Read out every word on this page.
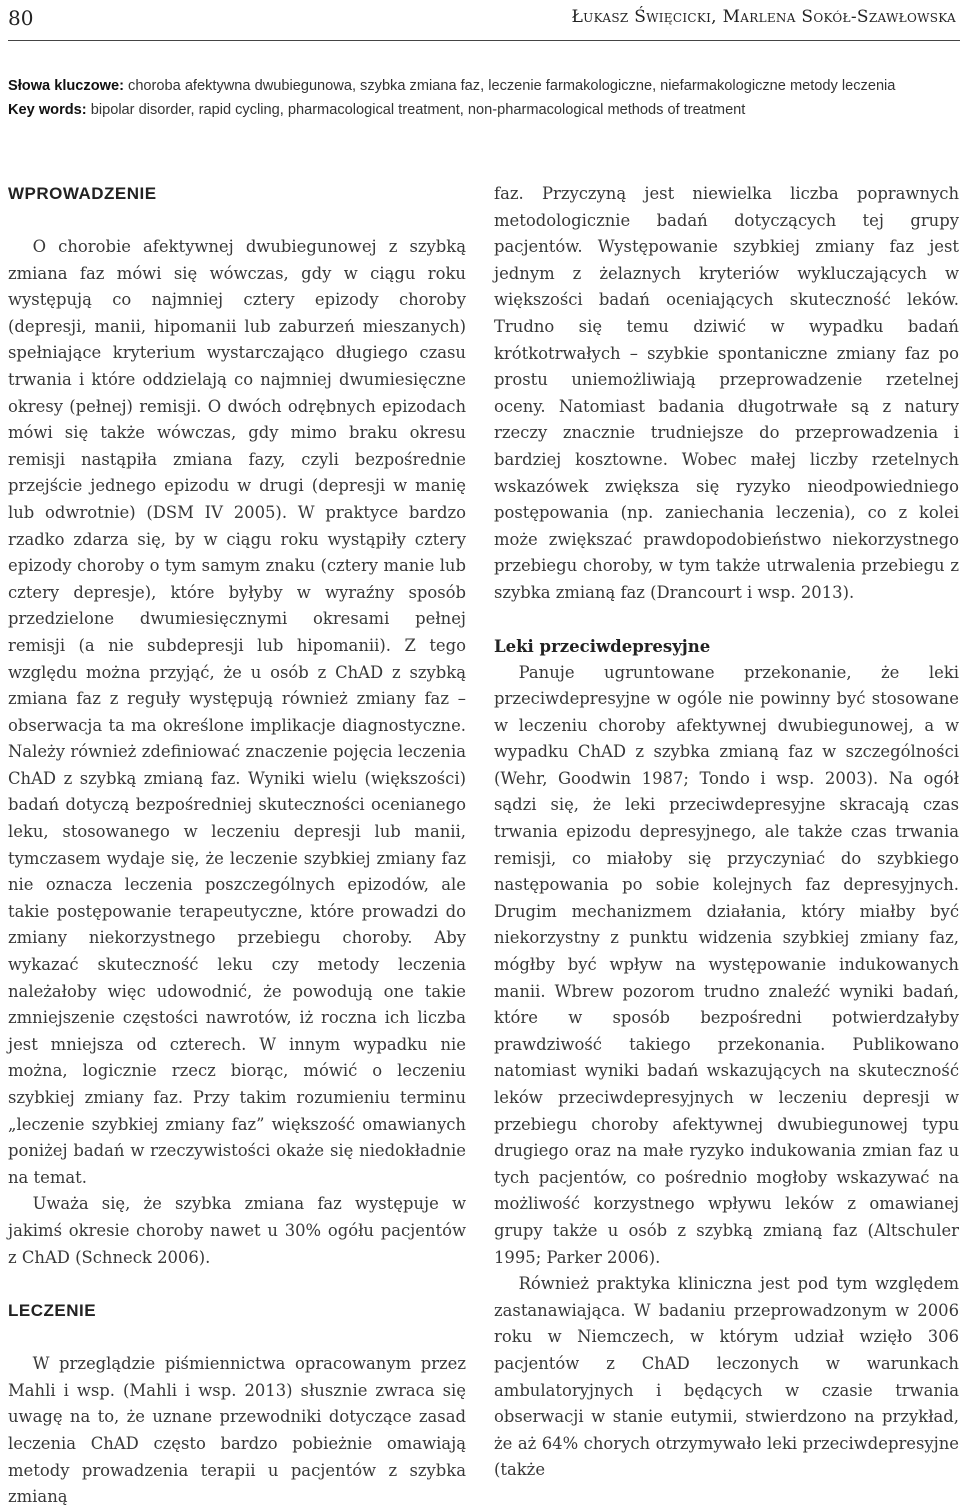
80	Łukasz Święcicki, Marlena Sokół-Szawłowska
Słowa kluczowe: choroba afektywna dwubiegunowa, szybka zmiana faz, leczenie farmakologiczne, niefarmakologiczne metody leczenia
Key words: bipolar disorder, rapid cycling, pharmacological treatment, non-pharmacological methods of treatment
WPROWADZENIE

O chorobie afektywnej dwubiegunowej z szybką zmiana faz mówi się wówczas, gdy w ciągu roku występują co najmniej cztery epizody choroby (depresji, manii, hipomanii lub zaburzeń mieszanych) spełniające kryterium wystarczająco długiego czasu trwania i które oddzielają co najmniej dwumiesięczne okresy (pełnej) remisji. O dwóch odrębnych epizodach mówi się także wówczas, gdy mimo braku okresu remisji nastąpiła zmiana fazy, czyli bezpośrednie przejście jednego epizodu w drugi (depresji w manię lub odwrotnie) (DSM IV 2005). W praktyce bardzo rzadko zdarza się, by w ciągu roku wystąpiły cztery epizody choroby o tym samym znaku (cztery manie lub cztery depresje), które byłyby w wyraźny sposób przedzielone dwumiesięcznymi okresami pełnej remisji (a nie subdepresji lub hipomanii). Z tego względu można przyjąć, że u osób z ChAD z szybką zmiana faz z reguły występują również zmiany faz – obserwacja ta ma określone implikacje diagnostyczne. Należy również zdefiniować znaczenie pojęcia leczenia ChAD z szybką zmianą faz. Wyniki wielu (większości) badań dotyczą bezpośredniej skuteczności ocenianego leku, stosowanego w leczeniu depresji lub manii, tymczasem wydaje się, że leczenie szybkiej zmiany faz nie oznacza leczenia poszczególnych epizodów, ale takie postępowanie terapeutyczne, które prowadzi do zmiany niekorzystnego przebiegu choroby. Aby wykazać skuteczność leku czy metody leczenia należałoby więc udowodnić, że powodują one takie zmniejszenie częstości nawrotów, iż roczna ich liczba jest mniejsza od czterech. W innym wypadku nie można, logicznie rzecz biorąc, mówić o leczeniu szybkiej zmiany faz. Przy takim rozumieniu terminu „leczenie szybkiej zmiany faz” większość omawianych poniżej badań w rzeczywistości okaże się niedokładnie na temat.

Uważa się, że szybka zmiana faz występuje w jakimś okresie choroby nawet u 30% ogółu pacjentów z ChAD (Schneck 2006).

LECZENIE

W przeglądzie piśmiennictwa opracowanym przez Mahli i wsp. (Mahli i wsp. 2013) słusznie zwraca się uwagę na to, że uznane przewodniki dotyczące zasad leczenia ChAD często bardzo pobieżnie omawiają metody prowadzenia terapii u pacjentów z szybka zmianą

faz. Przyczyną jest niewielka liczba poprawnych metodologicznie badań dotyczących tej grupy pacjentów. Występowanie szybkiej zmiany faz jest jednym z żelaznych kryteriów wykluczających w większości badań oceniających skuteczność leków. Trudno się temu dziwić w wypadku badań krótkotrwałych – szybkie spontaniczne zmiany faz po prostu uniemożliwiają przeprowadzenie rzetelnej oceny. Natomiast badania długotrwałe są z natury rzeczy znacznie trudniejsze do przeprowadzenia i bardziej kosztowne. Wobec małej liczby rzetelnych wskazówek zwiększa się ryzyko nieodpowiedniego postępowania (np. zaniechania leczenia), co z kolei może zwiększać prawdopodobieństwo niekorzystnego przebiegu choroby, w tym także utrwalenia przebiegu z szybka zmianą faz (Drancourt i wsp. 2013).

Leki przeciwdepresyjne

Panuje ugruntowane przekonanie, że leki przeciwdepresyjne w ogóle nie powinny być stosowane w leczeniu choroby afektywnej dwubiegunowej, a w wypadku ChAD z szybka zmianą faz w szczególności (Wehr, Goodwin 1987; Tondo i wsp. 2003). Na ogół sądzi się, że leki przeciwdepresyjne skracają czas trwania epizodu depresyjnego, ale także czas trwania remisji, co miałoby się przyczyniać do szybkiego następowania po sobie kolejnych faz depresyjnych. Drugim mechanizmem działania, który miałby być niekorzystny z punktu widzenia szybkiej zmiany faz, mógłby być wpływ na występowanie indukowanych manii. Wbrew pozorom trudno znaleźć wyniki badań, które w sposób bezpośredni potwierdzałyby prawdziwość takiego przekonania. Publikowano natomiast wyniki badań wskazujących na skuteczność leków przeciwdepresyjnych w leczeniu depresji w przebiegu choroby afektywnej dwubiegunowej typu drugiego oraz na małe ryzyko indukowania zmian faz u tych pacjentów, co pośrednio mogłoby wskazywać na możliwość korzystnego wpływu leków z omawianej grupy także u osób z szybką zmianą faz (Altschuler 1995; Parker 2006).

Również praktyka kliniczna jest pod tym względem zastanawiająca. W badaniu przeprowadzonym w 2006 roku w Niemczech, w którym udział wzięło 306 pacjentów z ChAD leczonych w warunkach ambulatoryjnych i będących w czasie trwania obserwacji w stanie eutymii, stwierdzono na przykład, że aż 64% chorych otrzymywało leki przeciwdepresyjne (także
